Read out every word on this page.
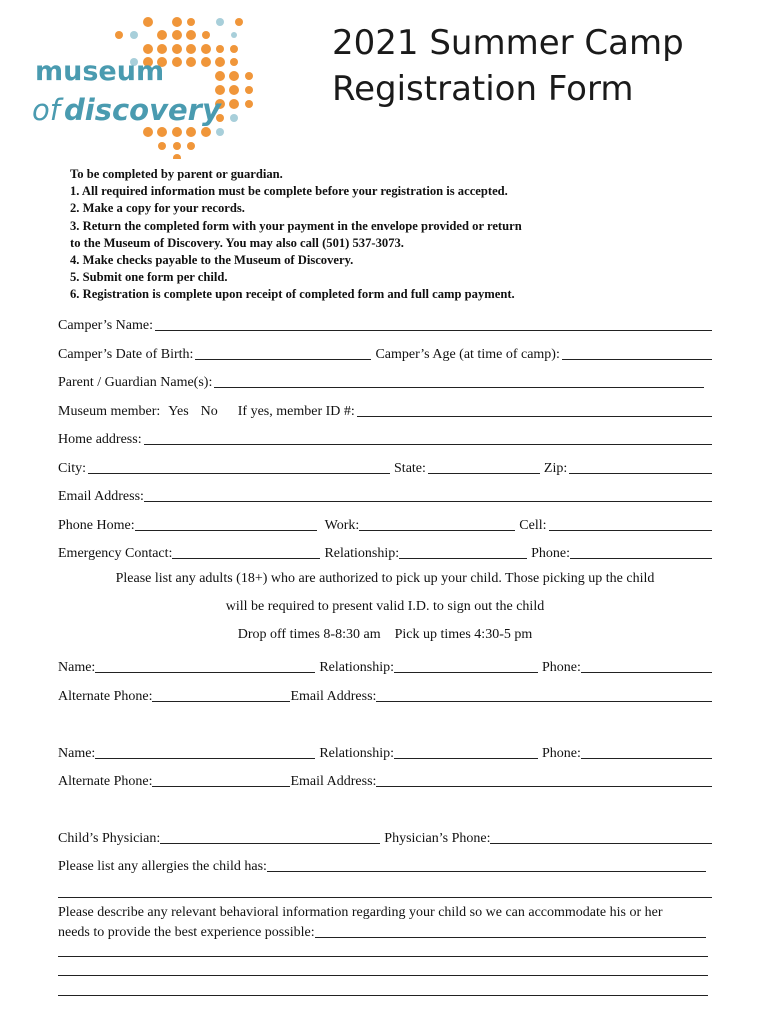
museum
of discovery
2021 Summer Camp
Registration Form
To be completed by parent or guardian.
1. All required information must be complete before your registration is accepted.
2. Make a copy for your records.
3. Return the completed form with your payment in the envelope provided or return
to the Museum of Discovery. You may also call (501) 537-3073.
4. Make checks payable to the Museum of Discovery.
5. Submit one form per child.
6. Registration is complete upon receipt of completed form and full camp payment.
Camper’s Name:
Camper’s Date of Birth:	Camper’s Age (at time of camp):
Parent / Guardian Name(s):
Museum member: Yes No	If yes, member ID #:
Home address:
City:	State:	Zip:
Email Address:
Phone Home:	Work:	Cell:
Emergency Contact:	Relationship:	Phone:
Please list any adults (18+) who are authorized to pick up your child. Those picking up the child
will be required to present valid I.D. to sign out the child
Drop off times 8-8:30 am    Pick up times 4:30-5 pm
Name:	Relationship:	Phone:
Alternate Phone:	Email Address:
Name:	Relationship:	Phone:
Alternate Phone:	Email Address:
Child’s Physician:	Physician’s Phone:
Please list any allergies the child has:
Please describe any relevant behavioral information regarding your child so we can accommodate his or her
needs to provide the best experience possible:
